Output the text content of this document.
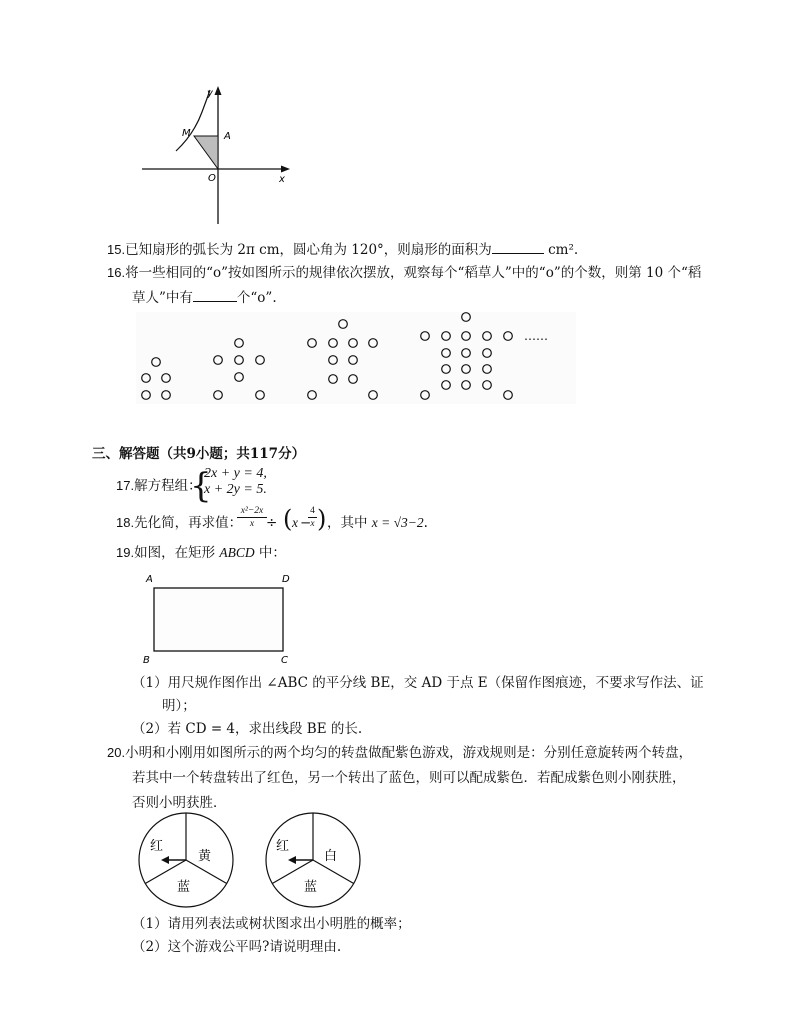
y
x
M	A
O
15.已知扇形的弧长为 2π cm，圆心角为 120°，则扇形的面积为	cm².
16.将一些相同的“o”按如图所示的规律依次摆放，观察每个“稻草人”中的“o”的个数，则第 10 个“稻
草人”中有	个“o”.
……
三、解答题（共9小题；共117分）
17.解方程组：
{
2x + y = 4,
x + 2y = 5.
18.先化简，再求值：
$\frac{\text{x²−2x}}{x}$ ÷ ( x −
$\frac{4}{x}$ ) ，其中 x = √3−2.
19.如图，在矩形 ABCD 中：
A	D
B	C
（1）用尺规作图作出 ∠ABC 的平分线 BE，交 AD 于点 E（保留作图痕迹，不要求写作法、证
明）；
（2）若 CD = 4，求出线段 BE 的长.
20.小明和小刚用如图所示的两个均匀的转盘做配紫色游戏，游戏规则是：分别任意旋转两个转盘，
若其中一个转盘转出了红色，另一个转出了蓝色，则可以配成紫色．若配成紫色则小刚获胜，
否则小明获胜．
红
黄
蓝
红
白
蓝
（1）请用列表法或树状图求出小明胜的概率；
（2）这个游戏公平吗?请说明理由.
